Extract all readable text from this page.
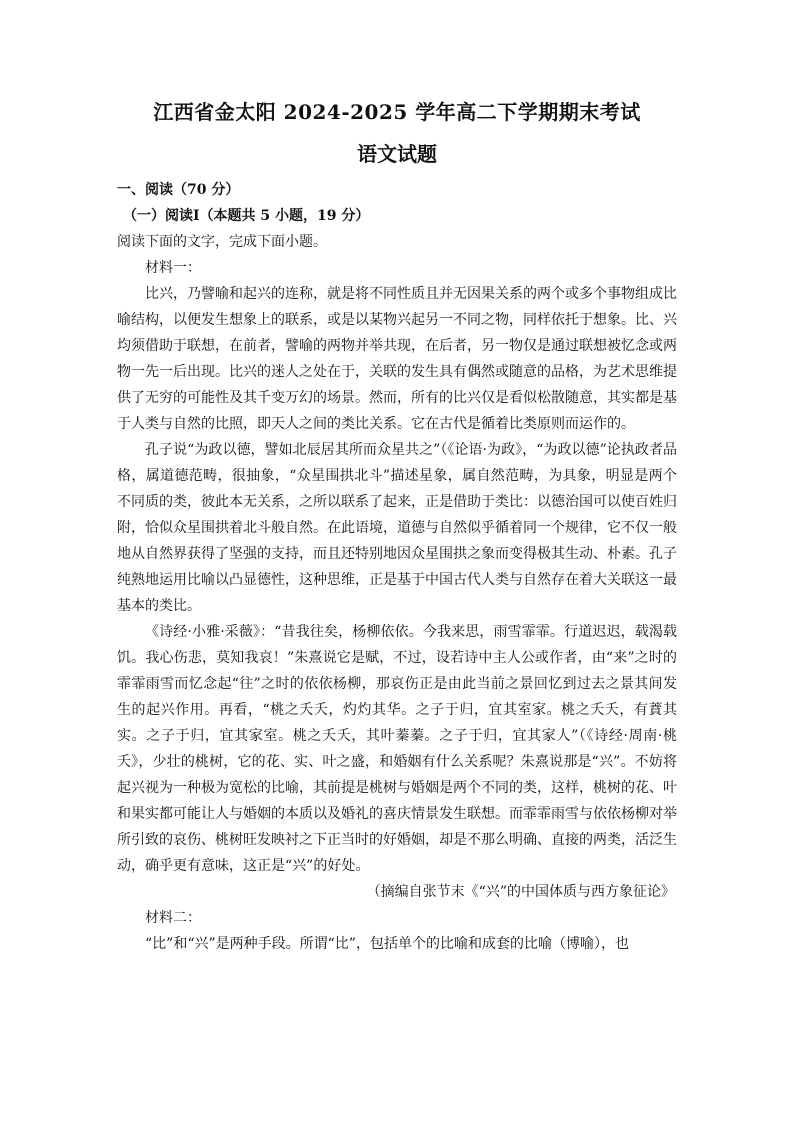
江西省金太阳 2024-2025 学年高二下学期期末考试
语文试题
一、阅读（70 分）
（一）阅读Ⅰ（本题共 5 小题，19 分）

阅读下面的文字，完成下面小题。

材料一：

比兴，乃譬喻和起兴的连称，就是将不同性质且并无因果关系的两个或多个事物组成比喻结构，以便发生想象上的联系，或是以某物兴起另一不同之物，同样依托于想象。比、兴均须借助于联想，在前者，譬喻的两物并举共现，在后者，另一物仅是通过联想被忆念或两物一先一后出现。比兴的迷人之处在于，关联的发生具有偶然或随意的品格，为艺术思维提供了无穷的可能性及其千变万幻的场景。然而，所有的比兴仅是看似松散随意，其实都是基于人类与自然的比照，即天人之间的类比关系。它在古代是循着比类原则而运作的。

孔子说“为政以德，譬如北辰居其所而众星共之”（《论语·为政》，“为政以德”论执政者品格，属道德范畴，很抽象，“众星围拱北斗”描述星象，属自然范畴，为具象，明显是两个不同质的类，彼此本无关系，之所以联系了起来，正是借助于类比：以德治国可以使百姓归附，恰似众星围拱着北斗般自然。在此语境，道德与自然似乎循着同一个规律，它不仅一般地从自然界获得了坚强的支持，而且还特别地因众星围拱之象而变得极其生动、朴素。孔子纯熟地运用比喻以凸显德性，这种思维，正是基于中国古代人类与自然存在着大关联这一最基本的类比。

《诗经·小雅·采薇》：“昔我往矣，杨柳依依。今我来思，雨雪霏霏。行道迟迟，载渴载饥。我心伤悲，莫知我哀！”朱熹说它是赋，不过，设若诗中主人公或作者，由“来”之时的霏霏雨雪而忆念起“往”之时的依依杨柳，那哀伤正是由此当前之景回忆到过去之景其间发生的起兴作用。再看，“桃之夭夭，灼灼其华。之子于归，宜其室家。桃之夭夭，有蕡其实。之子于归，宜其家室。桃之夭夭，其叶蓁蓁。之子于归，宜其家人”（《诗经·周南·桃夭》，少壮的桃树，它的花、实、叶之盛，和婚姻有什么关系呢？朱熹说那是“兴”。不妨将起兴视为一种极为宽松的比喻，其前提是桃树与婚姻是两个不同的类，这样，桃树的花、叶和果实都可能让人与婚姻的本质以及婚礼的喜庆情景发生联想。而霏霏雨雪与依依杨柳对举所引致的哀伤、桃树旺发映衬之下正当时的好婚姻，却是不那么明确、直接的两类，活泛生动，确乎更有意味，这正是“兴”的好处。

（摘编自张节末《“兴”的中国体质与西方象征论》

材料二：

“比”和“兴”是两种手段。所谓“比”，包括单个的比喻和成套的比喻（博喻），也
